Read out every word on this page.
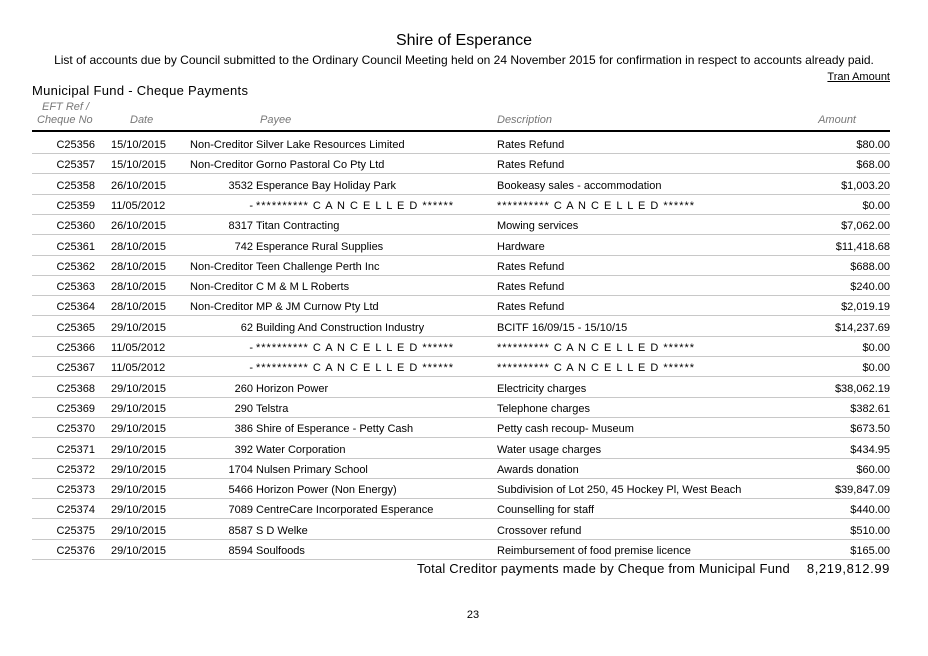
Shire of Esperance
List of accounts due by Council submitted to the Ordinary Council Meeting held on 24 November 2015 for confirmation in respect to accounts already paid.
Tran Amount
Municipal Fund - Cheque Payments
EFT Ref /
Cheque No	Date	Payee	Description	Amount
C25356 15/10/2015	Non-Creditor Silver Lake Resources Limited	Rates Refund	$80.00
C25357 15/10/2015	Non-Creditor Gorno Pastoral Co Pty Ltd	Rates Refund	$68.00
C25358 26/10/2015	3532 Esperance Bay Holiday Park	Bookeasy sales - accommodation	$1,003.20
C25359 11/05/2012	- ********** C A N C E L L E D ******	********** C A N C E L L E D ******	$0.00
C25360 26/10/2015	8317 Titan Contracting	Mowing services	$7,062.00
C25361 28/10/2015	742 Esperance Rural Supplies	Hardware	$11,418.68
C25362 28/10/2015	Non-Creditor Teen Challenge Perth Inc	Rates Refund	$688.00
C25363 28/10/2015	Non-Creditor C M & M L Roberts	Rates Refund	$240.00
C25364 28/10/2015	Non-Creditor MP & JM Curnow Pty Ltd	Rates Refund	$2,019.19
C25365 29/10/2015	62 Building And Construction Industry	BCITF 16/09/15 - 15/10/15	$14,237.69
C25366 11/05/2012	- ********** C A N C E L L E D ******	********** C A N C E L L E D ******	$0.00
C25367 11/05/2012	- ********** C A N C E L L E D ******	********** C A N C E L L E D ******	$0.00
C25368 29/10/2015	260 Horizon Power	Electricity charges	$38,062.19
C25369 29/10/2015	290 Telstra	Telephone charges	$382.61
C25370 29/10/2015	386 Shire of Esperance - Petty Cash	Petty cash recoup- Museum	$673.50
C25371 29/10/2015	392 Water Corporation	Water usage charges	$434.95
C25372 29/10/2015	1704 Nulsen Primary School	Awards donation	$60.00
C25373 29/10/2015	5466 Horizon Power (Non Energy)	Subdivision of Lot 250, 45 Hockey Pl, West Beach	$39,847.09
C25374 29/10/2015	7089 CentreCare Incorporated Esperance	Counselling for staff	$440.00
C25375 29/10/2015	8587 S D Welke	Crossover refund	$510.00
C25376 29/10/2015	8594 Soulfoods	Reimbursement of food premise licence	$165.00
Total Creditor payments made by Cheque from Municipal Fund 8,219,812.99
23
